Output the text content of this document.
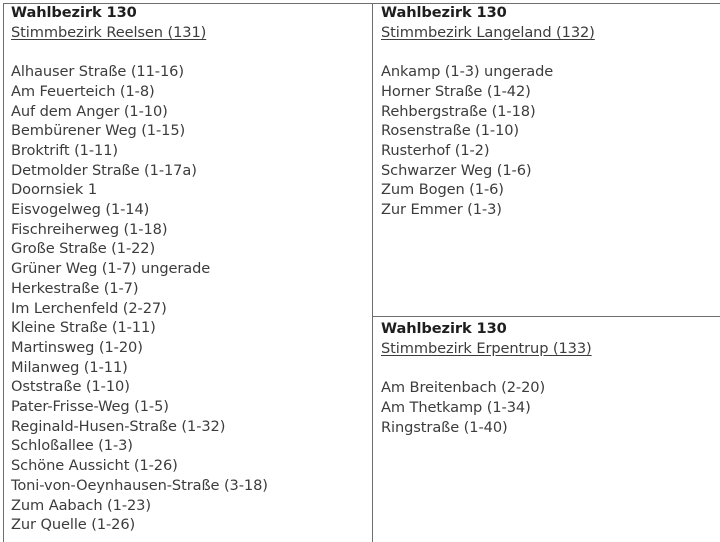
Wahlbezirk 130
Stimmbezirk Reelsen (131)
Alhauser Straße (11-16)
Am Feuerteich (1-8)
Auf dem Anger (1-10)
Bembürener Weg (1-15)
Broktrift (1-11)
Detmolder Straße (1-17a)
Doornsiek 1
Eisvogelweg (1-14)
Fischreiherweg (1-18)
Große Straße (1-22)
Grüner Weg (1-7) ungerade
Herkestraße (1-7)
Im Lerchenfeld (2-27)
Kleine Straße (1-11)
Martinsweg (1-20)
Milanweg (1-11)
Oststraße (1-10)
Pater-Frisse-Weg (1-5)
Reginald-Husen-Straße (1-32)
Schloßallee (1-3)
Schöne Aussicht (1-26)
Toni-von-Oeynhausen-Straße (3-18)
Zum Aabach (1-23)
Zur Quelle (1-26)
Wahlbezirk 130
Stimmbezirk Langeland (132)
Ankamp (1-3) ungerade
Horner Straße (1-42)
Rehbergstraße (1-18)
Rosenstraße (1-10)
Rusterhof (1-2)
Schwarzer Weg (1-6)
Zum Bogen (1-6)
Zur Emmer (1-3)
Wahlbezirk 130
Stimmbezirk Erpentrup (133)
Am Breitenbach (2-20)
Am Thetkamp (1-34)
Ringstraße (1-40)
